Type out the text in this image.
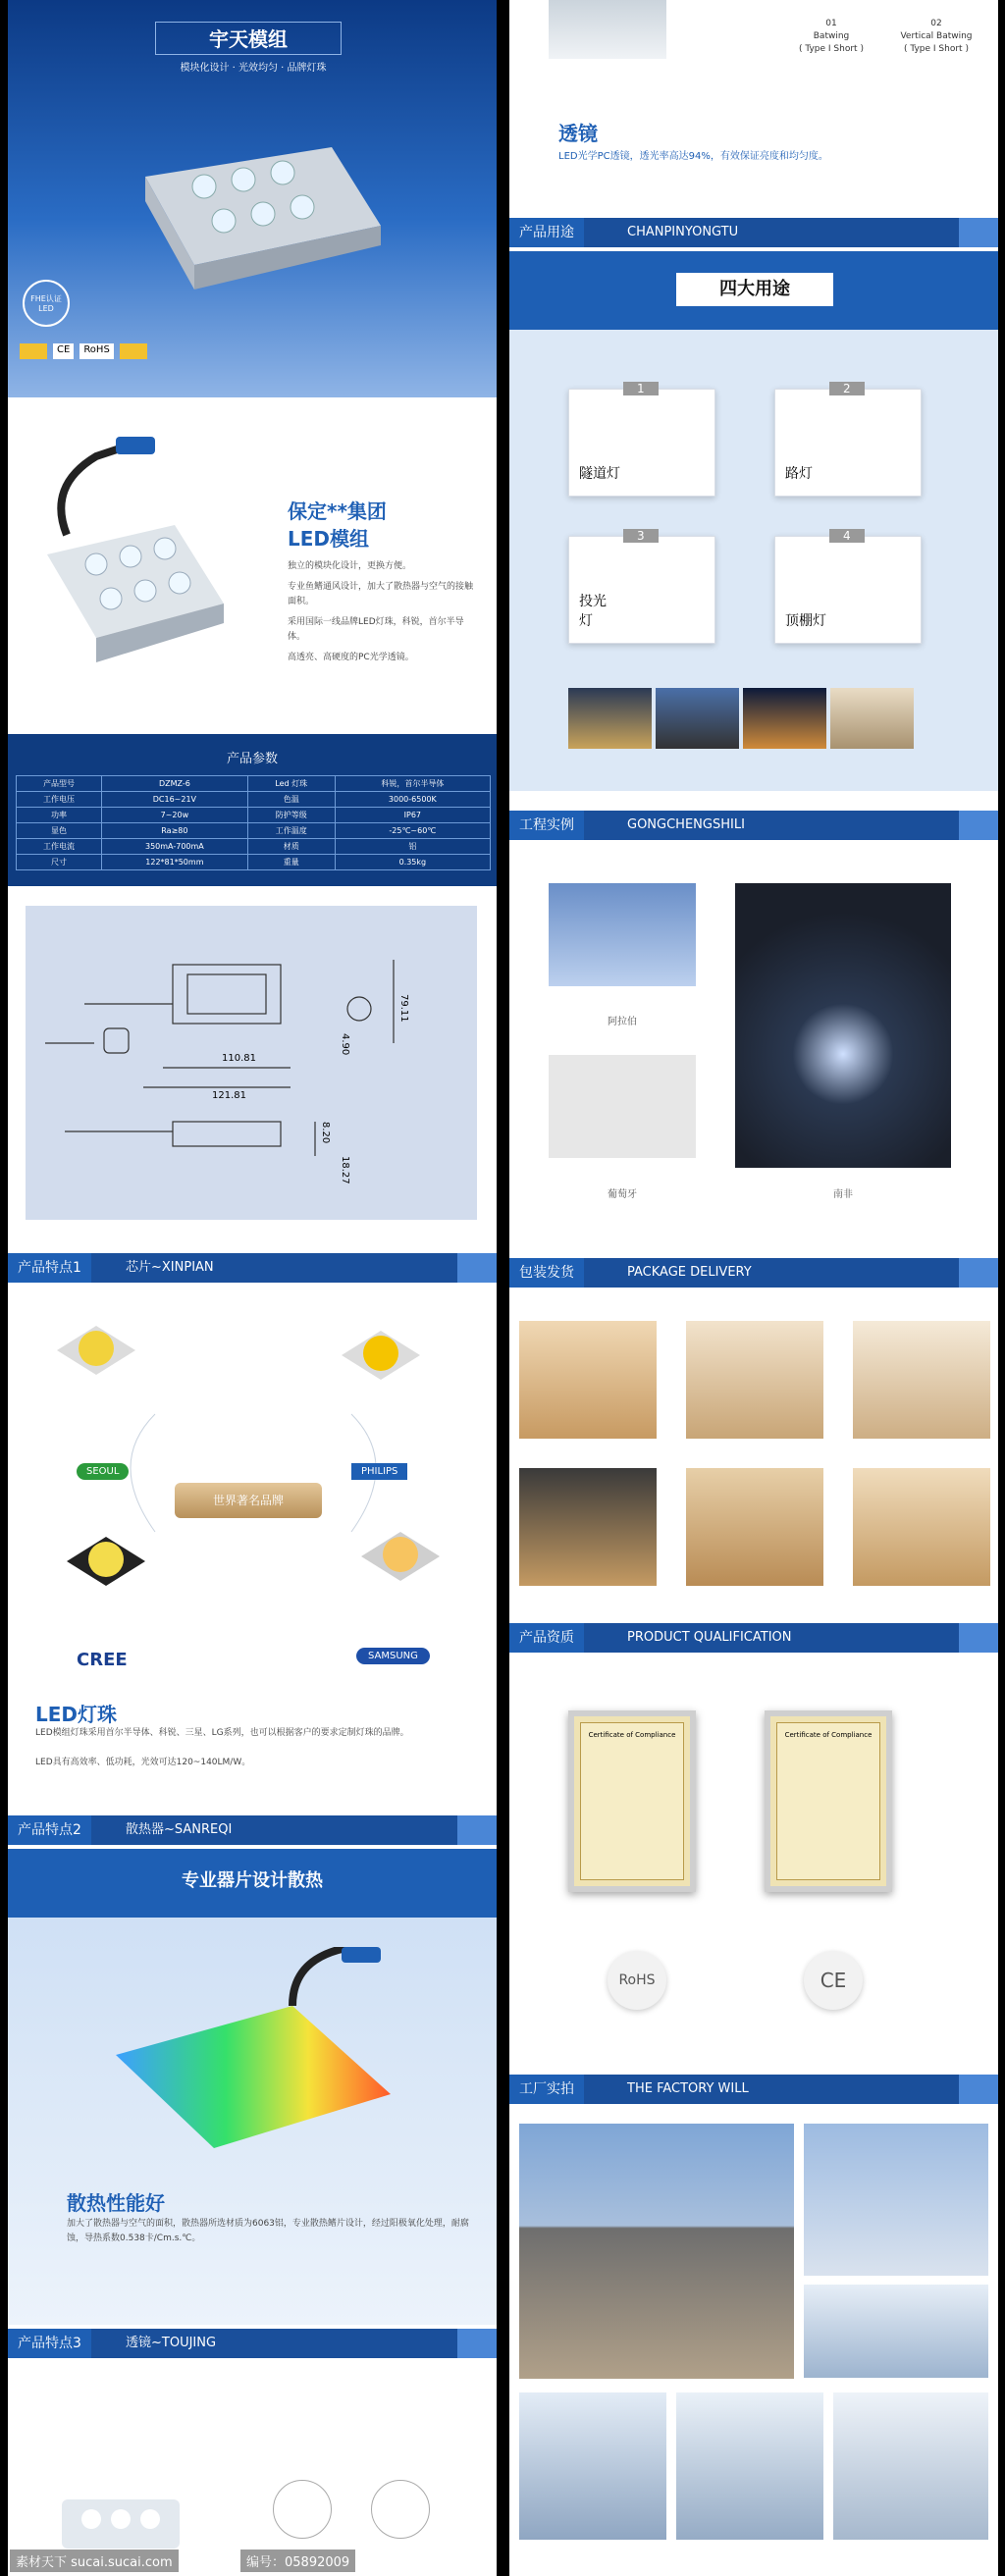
宇天模组
模块化设计 · 光效均匀 · 品牌灯珠
FHE认证 LED
CE	RoHS
保定**集团
LED模组
独立的模块化设计，更换方便。
专业鱼鳍通风设计，加大了散热器与空气的接触面积。
采用国际一线品牌LED灯珠，科锐，首尔半导体。
高透亮、高硬度的PC光学透镜。
产品参数
产品型号	DZMZ-6	Led 灯珠	科锐，首尔半导体
工作电压	DC16~21V	色温	3000-6500K
功率	7~20w	防护等级	IP67
显色	Ra≥80	工作温度	-25℃~60℃
工作电流	350mA-700mA	材质	铝
尺寸	122*81*50mm	重量	0.35kg
110.81
121.81
79.11
4.90
8.20
18.27
产品特点1	芯片~XINPIAN
SEOUL	PHILIPS
CREE	SAMSUNG
世界著名品牌
LED灯珠
LED模组灯珠采用首尔半导体、科锐、三星、LG系列，也可以根据客户的要求定制灯珠的品牌。
LED具有高效率、低功耗，光效可达120~140LM/W。
产品特点2	散热器~SANREQI
专业器片设计散热
散热性能好
加大了散热器与空气的面积，散热器所选材质为6063铝，专业散热鳍片设计，经过阳极氧化处理，耐腐蚀，导热系数0.538卡/Cm.s.℃。
产品特点3	透镜~TOUJING
01
Batwing
( Type I Short )
02
Vertical Batwing
( Type I Short )
透镜
LED光学PC透镜，透光率高达94%，有效保证亮度和均匀度。
产品用途	CHANPINYONGTU
四大用途
1
隧道灯
2
路灯
3
投光灯
4
顶棚灯
工程实例	GONGCHENGSHILI
阿拉伯
葡萄牙	南非
包装发货	PACKAGE DELIVERY
产品资质	PRODUCT QUALIFICATION
Certificate of Compliance	Certificate of Compliance
RoHS	CE
工厂实拍	THE FACTORY WILL
素材天下 sucai.sucai.com	编号：05892009
